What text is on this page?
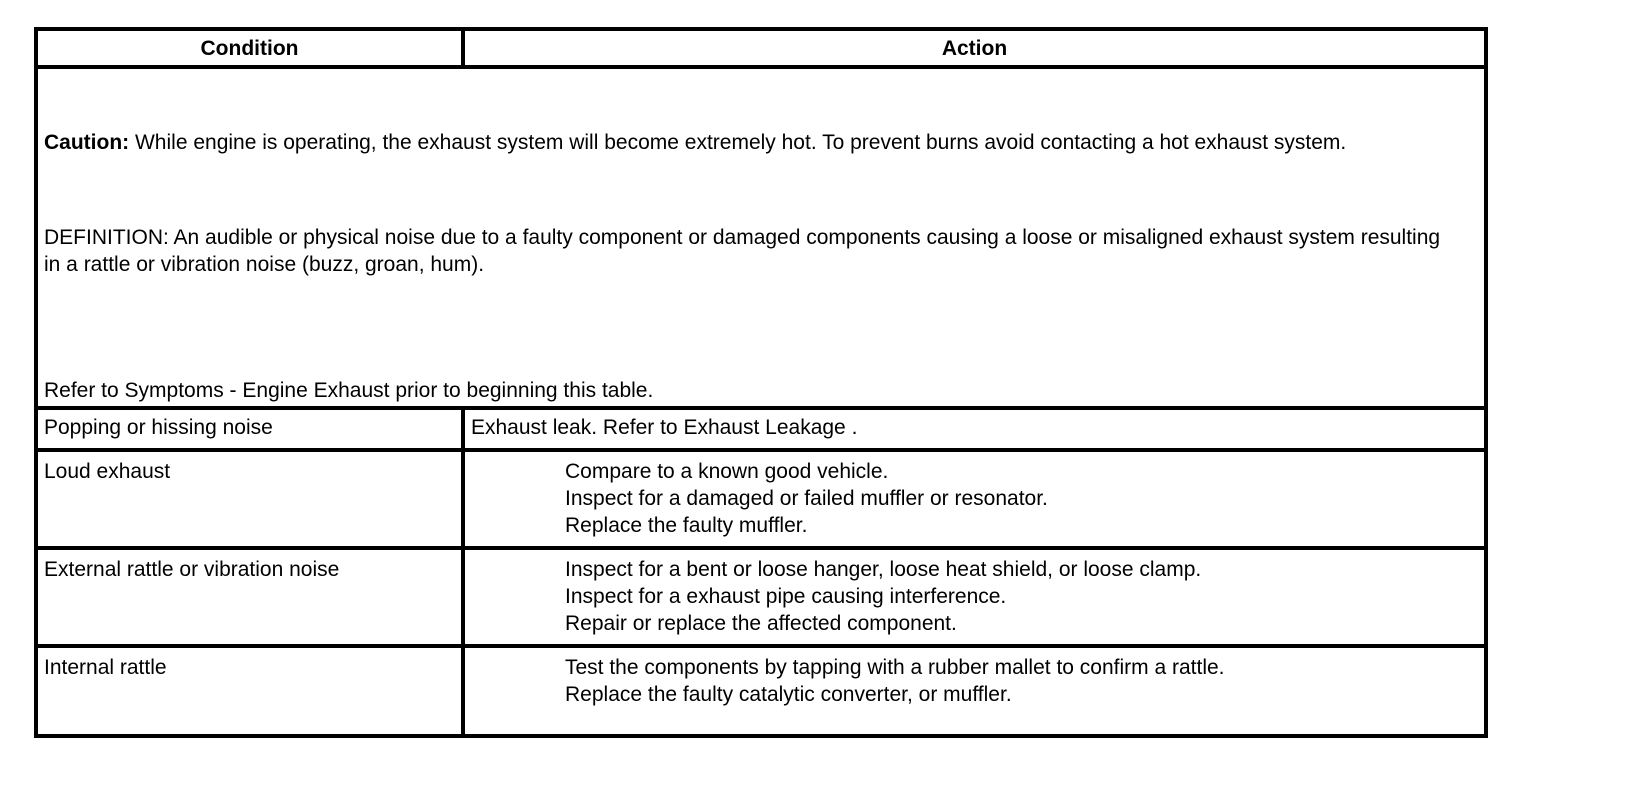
Condition	Action

Caution: While engine is operating, the exhaust system will become extremely hot. To prevent burns avoid contacting a hot exhaust system.
DEFINITION: An audible or physical noise due to a faulty component or damaged components causing a loose or misaligned exhaust system resulting in a rattle or vibration noise (buzz, groan, hum).
Refer to Symptoms - Engine Exhaust prior to beginning this table.	

Popping or hissing noise	Exhaust leak. Refer to Exhaust Leakage .

Loud exhaust	Compare to a known good vehicle.
Inspect for a damaged or failed muffler or resonator.
Replace the faulty muffler.

External rattle or vibration noise	Inspect for a bent or loose hanger, loose heat shield, or loose clamp.
Inspect for a exhaust pipe causing interference.
Repair or replace the affected component.

Internal rattle	Test the components by tapping with a rubber mallet to confirm a rattle.
Replace the faulty catalytic converter, or muffler.
